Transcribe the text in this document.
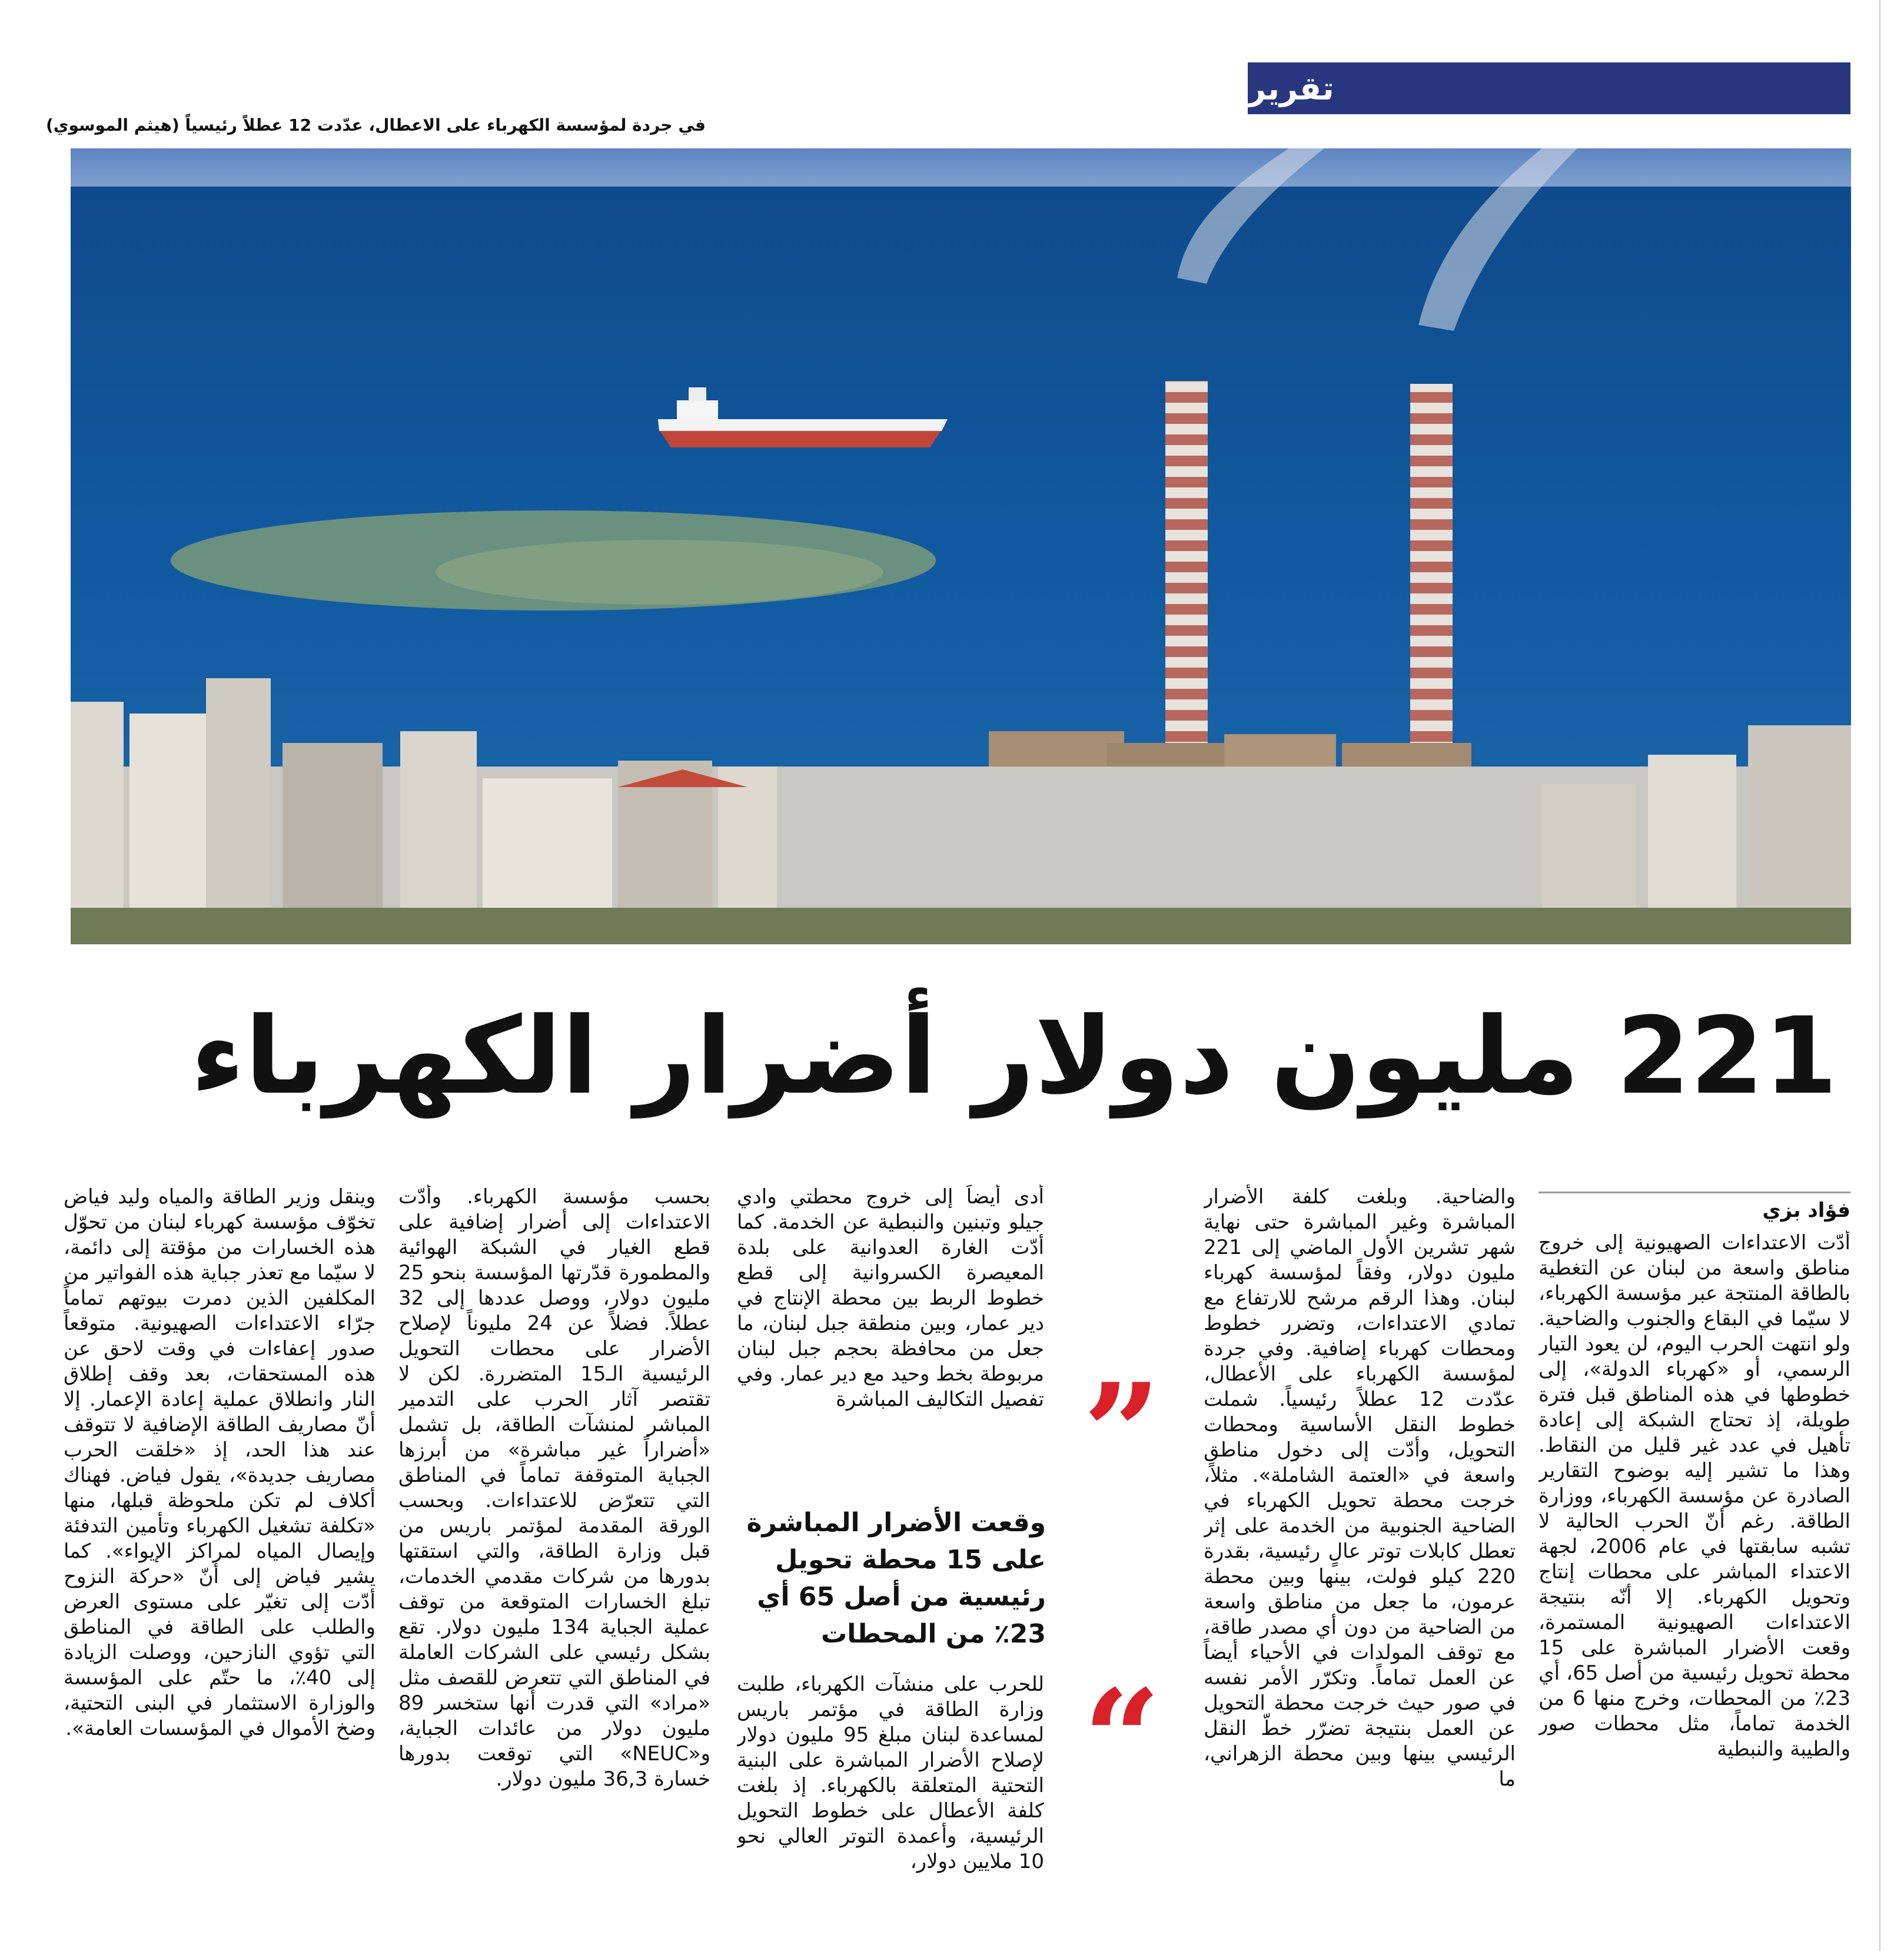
تقرير
في جردة لمؤسسة الكهرباء على الاعطال، عدّدت 12 عطلاً رئيسياً (هيثم الموسوي)
221 مليون دولار أضرار الكهرباء
فؤاد بزي

أدّت الاعتداءات الصهيونية إلى خروج مناطق واسعة من لبنان عن التغطية بالطاقة المنتجة عبر مؤسسة الكهرباء، لا سيّما في البقاع والجنوب والضاحية. ولو انتهت الحرب اليوم، لن يعود التيار الرسمي، أو «كهرباء الدولة»، إلى خطوطها في هذه المناطق قبل فترة طويلة، إذ تحتاج الشبكة إلى إعادة تأهيل في عدد غير قليل من النقاط. وهذا ما تشير إليه بوضوح التقارير الصادرة عن مؤسسة الكهرباء، ووزارة الطاقة. رغم أنّ الحرب الحالية لا تشبه سابقتها في عام 2006، لجهة الاعتداء المباشر على محطات إنتاج وتحويل الكهرباء. إلا أنّه بنتيجة الاعتداءات الصهيونية المستمرة، وقعت الأضرار المباشرة على 15 محطة تحويل رئيسية من أصل 65، أي 23٪ من المحطات، وخرج منها 6 من الخدمة تماماً، مثل محطات صور والطيبة والنبطية

والضاحية. وبلغت كلفة الأضرار المباشرة وغير المباشرة حتى نهاية شهر تشرين الأول الماضي إلى 221 مليون دولار، وفقاً لمؤسسة كهرباء لبنان. وهذا الرقم مرشح للارتفاع مع تمادي الاعتداءات، وتضرر خطوط ومحطات كهرباء إضافية. وفي جردة لمؤسسة الكهرباء على الأعطال، عدّدت 12 عطلاً رئيسياً. شملت خطوط النقل الأساسية ومحطات التحويل، وأدّت إلى دخول مناطق واسعة في «العتمة الشاملة». مثلاً، خرجت محطة تحويل الكهرباء في الضاحية الجنوبية من الخدمة على إثر تعطل كابلات توتر عالٍ رئيسية، بقدرة 220 كيلو فولت، بينها وبين محطة عرمون، ما جعل من مناطق واسعة من الضاحية من دون أي مصدر طاقة، مع توقف المولدات في الأحياء أيضاً عن العمل تماماً. وتكرّر الأمر نفسه في صور حيث خرجت محطة التحويل عن العمل بنتيجة تضرّر خطّ النقل الرئيسي بينها وبين محطة الزهراني، ما

أدى أيضاً إلى خروج محطتي وادي جيلو وتبنين والنبطية عن الخدمة. كما أدّت الغارة العدوانية على بلدة المعيصرة الكسروانية إلى قطع خطوط الربط بين محطة الإنتاج في دير عمار، وبين منطقة جبل لبنان، ما جعل من محافظة بحجم جبل لبنان مربوطة بخط وحيد مع دير عمار. وفي تفصيل التكاليف المباشرة ”
وقعت الأضرار المباشرة على 15 محطة تحويل رئيسية من أصل 65 أي 23٪ من المحطات
“

للحرب على منشآت الكهرباء، طلبت وزارة الطاقة في مؤتمر باريس لمساعدة لبنان مبلغ 95 مليون دولار لإصلاح الأضرار المباشرة على البنية التحتية المتعلقة بالكهرباء. إذ بلغت كلفة الأعطال على خطوط التحويل الرئيسية، وأعمدة التوتر العالي نحو 10 ملايين دولار،

بحسب مؤسسة الكهرباء. وأدّت الاعتداءات إلى أضرار إضافية على قطع الغيار في الشبكة الهوائية والمطمورة قدّرتها المؤسسة بنحو 25 مليون دولار، ووصل عددها إلى 32 عطلاً. فضلاً عن 24 مليوناً لإصلاح الأضرار على محطات التحويل الرئيسية الـ15 المتضررة. لكن لا تقتصر آثار الحرب على التدمير المباشر لمنشآت الطاقة، بل تشمل «أضراراً غير مباشرة» من أبرزها الجباية المتوقفة تماماً في المناطق التي تتعرّض للاعتداءات. وبحسب الورقة المقدمة لمؤتمر باريس من قبل وزارة الطاقة، والتي استقتها بدورها من شركات مقدمي الخدمات، تبلغ الخسارات المتوقعة من توقف عملية الجباية 134 مليون دولار. تقع بشكل رئيسي على الشركات العاملة في المناطق التي تتعرض للقصف مثل «مراد» التي قدرت أنها ستخسر 89 مليون دولار من عائدات الجباية، و«NEUC» التي توقعت بدورها خسارة 36,3 مليون دولار.

وينقل وزير الطاقة والمياه وليد فياض تخوّف مؤسسة كهرباء لبنان من تحوّل هذه الخسارات من مؤقتة إلى دائمة، لا سيّما مع تعذر جباية هذه الفواتير من المكلفين الذين دمرت بيوتهم تماماً جرّاء الاعتداءات الصهيونية. متوقعاً صدور إعفاءات في وقت لاحق عن هذه المستحقات، بعد وقف إطلاق النار وانطلاق عملية إعادة الإعمار. إلا أنّ مصاريف الطاقة الإضافية لا تتوقف عند هذا الحد، إذ «خلقت الحرب مصاريف جديدة»، يقول فياض. فهناك أكلاف لم تكن ملحوظة قبلها، منها «تكلفة تشغيل الكهرباء وتأمين التدفئة وإيصال المياه لمراكز الإيواء». كما يشير فياض إلى أنّ «حركة النزوح أدّت إلى تغيّر على مستوى العرض والطلب على الطاقة في المناطق التي تؤوي النازحين، ووصلت الزيادة إلى 40٪، ما حتّم على المؤسسة والوزارة الاستثمار في البنى التحتية، وضخ الأموال في المؤسسات العامة».
